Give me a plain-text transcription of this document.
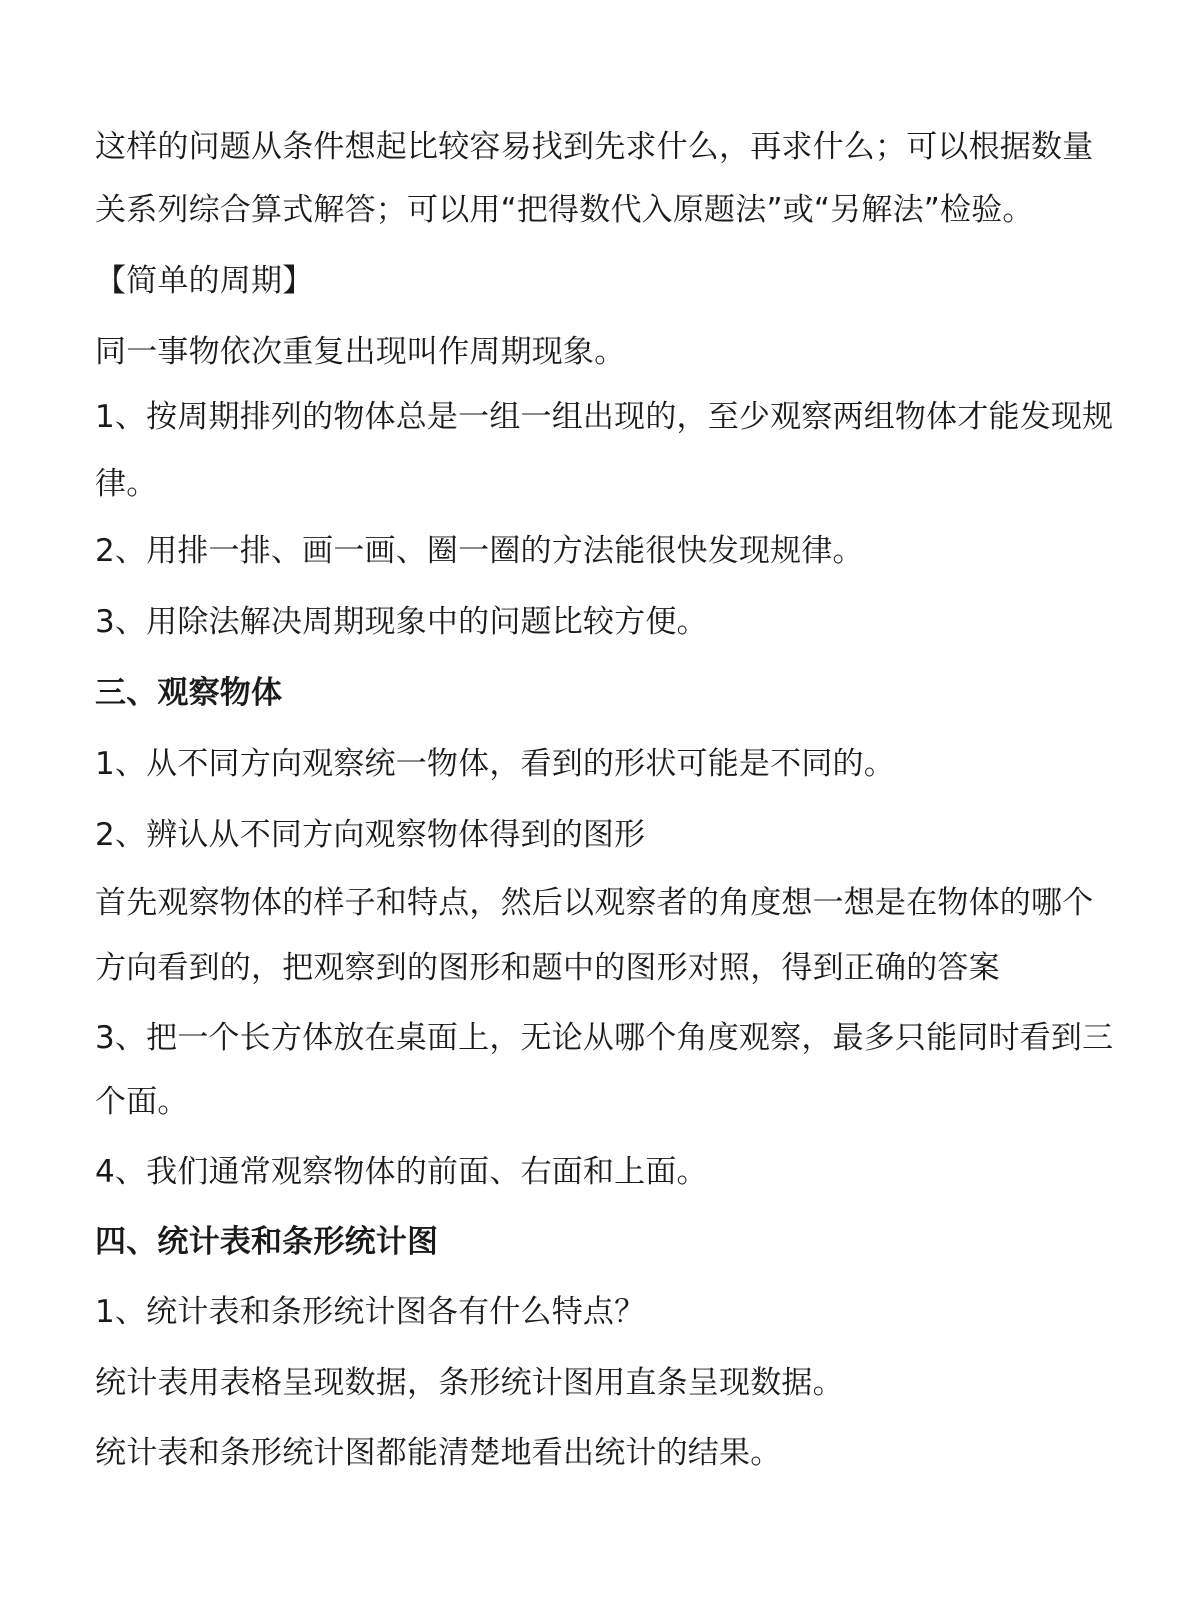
这样的问题从条件想起比较容易找到先求什么，再求什么；可以根据数量
关系列综合算式解答；可以用“把得数代入原题法”或“另解法”检验。
【简单的周期】
同一事物依次重复出现叫作周期现象。
1、按周期排列的物体总是一组一组出现的，至少观察两组物体才能发现规
律。
2、用排一排、画一画、圈一圈的方法能很快发现规律。
3、用除法解决周期现象中的问题比较方便。
三、观察物体
1、从不同方向观察统一物体，看到的形状可能是不同的。
2、辨认从不同方向观察物体得到的图形
首先观察物体的样子和特点，然后以观察者的角度想一想是在物体的哪个
方向看到的，把观察到的图形和题中的图形对照，得到正确的答案
3、把一个长方体放在桌面上，无论从哪个角度观察，最多只能同时看到三
个面。
4、我们通常观察物体的前面、右面和上面。
四、统计表和条形统计图
1、统计表和条形统计图各有什么特点？
统计表用表格呈现数据，条形统计图用直条呈现数据。
统计表和条形统计图都能清楚地看出统计的结果。
